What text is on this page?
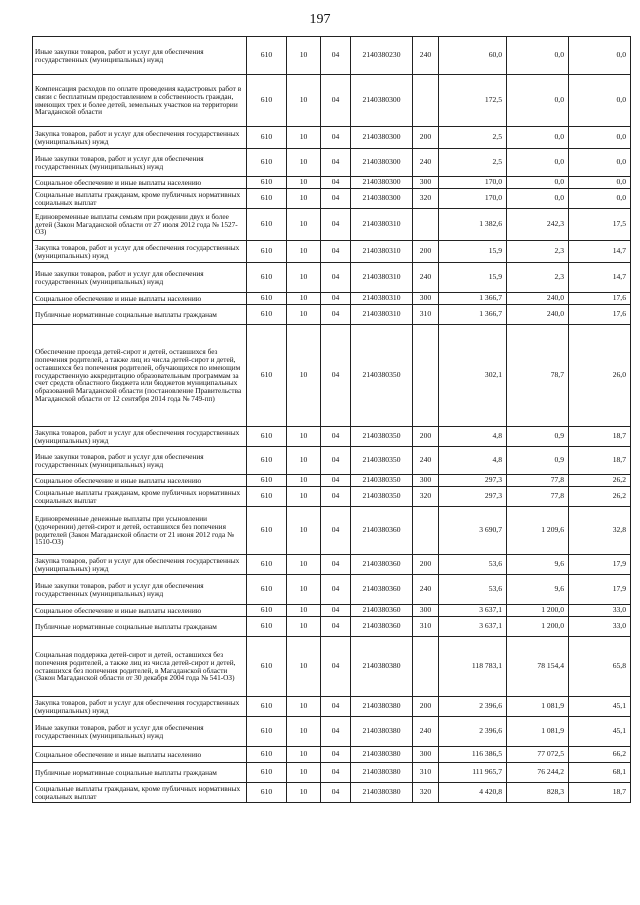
197
Иные закупки товаров, работ и услуг для обеспечения государственных (муниципальных) нужд	610	10	04	2140380230	240	60,0	0,0	0,0
Компенсация расходов по оплате проведения кадастровых работ в связи с бесплатным предоставлением в собственность граждан, имеющих трех и более детей, земельных участков на территории Магаданской области	610	10	04	2140380300		172,5	0,0	0,0
Закупка товаров, работ и услуг для обеспечения государственных (муниципальных) нужд	610	10	04	2140380300	200	2,5	0,0	0,0
Иные закупки товаров, работ и услуг для обеспечения государственных (муниципальных) нужд	610	10	04	2140380300	240	2,5	0,0	0,0
Социальное обеспечение и иные выплаты населению	610	10	04	2140380300	300	170,0	0,0	0,0
Социальные выплаты гражданам, кроме публичных нормативных социальных выплат	610	10	04	2140380300	320	170,0	0,0	0,0
Единовременные выплаты семьям при рождении двух и более детей (Закон Магаданской области от 27 июля 2012 года № 1527-ОЗ)	610	10	04	2140380310		1 382,6	242,3	17,5
Закупка товаров, работ и услуг для обеспечения государственных (муниципальных) нужд	610	10	04	2140380310	200	15,9	2,3	14,7
Иные закупки товаров, работ и услуг для обеспечения государственных (муниципальных) нужд	610	10	04	2140380310	240	15,9	2,3	14,7
Социальное обеспечение и иные выплаты населению	610	10	04	2140380310	300	1 366,7	240,0	17,6
Публичные нормативные социальные выплаты гражданам	610	10	04	2140380310	310	1 366,7	240,0	17,6
Обеспечение проезда детей-сирот и детей, оставшихся без попечения родителей, а также лиц из числа детей-сирот и детей, оставшихся без попечения родителей, обучающихся по имеющим государственную аккредитацию образовательным программам за счет средств областного бюджета или бюджетов муниципальных образований Магаданской области (постановление Правительства Магаданской области от 12 сентября 2014 года № 749-пп)	610	10	04	2140380350		302,1	78,7	26,0
Закупка товаров, работ и услуг для обеспечения государственных (муниципальных) нужд	610	10	04	2140380350	200	4,8	0,9	18,7
Иные закупки товаров, работ и услуг для обеспечения государственных (муниципальных) нужд	610	10	04	2140380350	240	4,8	0,9	18,7
Социальное обеспечение и иные выплаты населению	610	10	04	2140380350	300	297,3	77,8	26,2
Социальные выплаты гражданам, кроме публичных нормативных социальных выплат	610	10	04	2140380350	320	297,3	77,8	26,2
Единовременные денежные выплаты при усыновлении (удочерении) детей-сирот и детей, оставшихся без попечения родителей (Закон Магаданской области от 21 июня 2012 года № 1510-ОЗ)	610	10	04	2140380360		3 690,7	1 209,6	32,8
Закупка товаров, работ и услуг для обеспечения государственных (муниципальных) нужд	610	10	04	2140380360	200	53,6	9,6	17,9
Иные закупки товаров, работ и услуг для обеспечения государственных (муниципальных) нужд	610	10	04	2140380360	240	53,6	9,6	17,9
Социальное обеспечение и иные выплаты населению	610	10	04	2140380360	300	3 637,1	1 200,0	33,0
Публичные нормативные социальные выплаты гражданам	610	10	04	2140380360	310	3 637,1	1 200,0	33,0
Социальная поддержка детей-сирот и детей, оставшихся без попечения родителей, а также лиц из числа детей-сирот и детей, оставшихся без попечения родителей, в Магаданской области (Закон Магаданской области от 30 декабря 2004 года № 541-ОЗ)	610	10	04	2140380380		118 783,1	78 154,4	65,8
Закупка товаров, работ и услуг для обеспечения государственных (муниципальных) нужд	610	10	04	2140380380	200	2 396,6	1 081,9	45,1
Иные закупки товаров, работ и услуг для обеспечения государственных (муниципальных) нужд	610	10	04	2140380380	240	2 396,6	1 081,9	45,1
Социальное обеспечение и иные выплаты населению	610	10	04	2140380380	300	116 386,5	77 072,5	66,2
Публичные нормативные социальные выплаты гражданам	610	10	04	2140380380	310	111 965,7	76 244,2	68,1
Социальные выплаты гражданам, кроме публичных нормативных социальных выплат	610	10	04	2140380380	320	4 420,8	828,3	18,7
